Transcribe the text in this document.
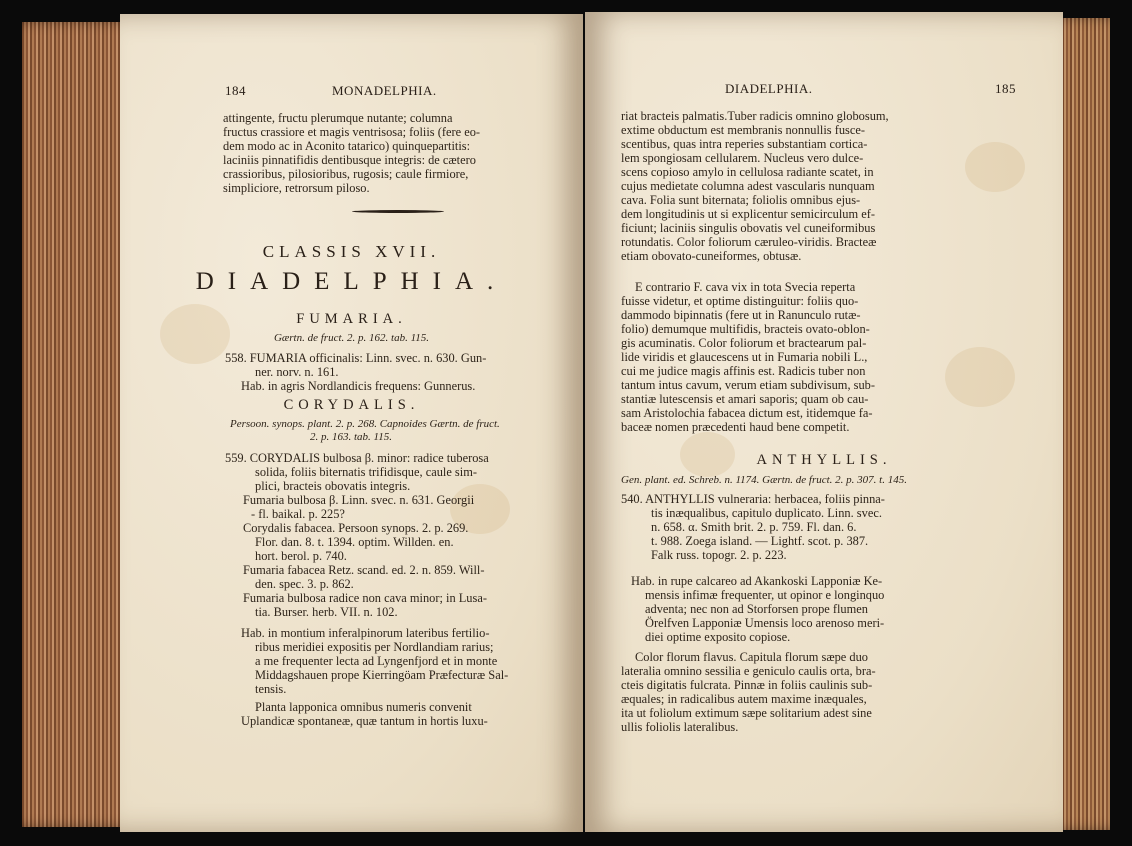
184	MONADELPHIA.
attingente, fructu plerumque nutante; columna
fructus crassiore et magis ventrisosa; foliis (fere eo-
dem modo ac in Aconito tatarico) quinquepartitis:
laciniis pinnatifidis dentibusque integris: de cætero
crassioribus, pilosioribus, rugosis; caule firmiore,
simpliciore, retrorsum piloso.
CLASSIS XVII.
DIADELPHIA.
FUMARIA.
Gærtn. de fruct. 2. p. 162. tab. 115.
558. FUMARIA officinalis: Linn. svec. n. 630. Gun-
ner. norv. n. 161.
Hab. in agris Nordlandicis frequens: Gunnerus.
CORYDALIS.
Persoon. synops. plant. 2. p. 268. Capnoides Gærtn. de fruct.
2. p. 163. tab. 115.
559. CORYDALIS bulbosa β. minor: radice tuberosa
solida, foliis biternatis trifidisque, caule sim-
plici, bracteis obovatis integris.
Fumaria bulbosa β. Linn. svec. n. 631. Georgii
- fl. baikal. p. 225?
Corydalis fabacea. Persoon synops. 2. p. 269.
Flor. dan. 8. t. 1394. optim. Willden. en.
hort. berol. p. 740.
Fumaria fabacea Retz. scand. ed. 2. n. 859. Will-
den. spec. 3. p. 862.
Fumaria bulbosa radice non cava minor; in Lusa-
tia. Burser. herb. VII. n. 102.
Hab. in montium inferalpinorum lateribus fertilio-
ribus meridiei expositis per Nordlandiam rarius;
a me frequenter lecta ad Lyngenfjord et in monte
Middagshauen prope Kierringöam Præfecturæ Sal-
tensis.
Planta lapponica omnibus numeris convenit
Uplandicæ spontaneæ, quæ tantum in hortis luxu-
DIADELPHIA.	185
riat bracteis palmatis.Tuber radicis omnino globosum,
extime obductum est membranis nonnullis fusce-
scentibus, quas intra reperies substantiam cortica-
lem spongiosam cellularem. Nucleus vero dulce-
scens copioso amylo in cellulosa radiante scatet, in
cujus medietate columna adest vascularis nunquam
cava. Folia sunt biternata; foliolis omnibus ejus-
dem longitudinis ut si explicentur semicirculum ef-
ficiunt; laciniis singulis obovatis vel cuneiformibus
rotundatis. Color foliorum cæruleo-viridis. Bracteæ
etiam obovato-cuneiformes, obtusæ.
E contrario F. cava vix in tota Svecia reperta
fuisse videtur, et optime distinguitur: foliis quo-
dammodo bipinnatis (fere ut in Ranunculo rutæ-
folio) demumque multifidis, bracteis ovato-oblon-
gis acuminatis. Color foliorum et bractearum pal-
lide viridis et glaucescens ut in Fumaria nobili L.,
cui me judice magis affinis est. Radicis tuber non
tantum intus cavum, verum etiam subdivisum, sub-
stantiæ lutescensis et amari saporis; quam ob cau-
sam Aristolochia fabacea dictum est, itidemque fa-
baceæ nomen præcedenti haud bene competit.
ANTHYLLIS.
Gen. plant. ed. Schreb. n. 1174. Gærtn. de fruct. 2. p. 307. t. 145.
540. ANTHYLLIS vulneraria: herbacea, foliis pinna-
tis inæqualibus, capitulo duplicato. Linn. svec.
n. 658. α. Smith brit. 2. p. 759. Fl. dan. 6.
t. 988. Zoega island. — Lightf. scot. p. 387.
Falk russ. topogr. 2. p. 223.
Hab. in rupe calcareo ad Akankoski Lapponiæ Ke-
mensis infimæ frequenter, ut opinor e longinquo
adventa; nec non ad Storforsen prope flumen
Örelfven Lapponiæ Umensis loco arenoso meri-
diei optime exposito copiose.
Color florum flavus. Capitula florum sæpe duo
lateralia omnino sessilia e geniculo caulis orta, bra-
cteis digitatis fulcrata. Pinnæ in foliis caulinis sub-
æquales; in radicalibus autem maxime inæquales,
ita ut foliolum extimum sæpe solitarium adest sine
ullis foliolis lateralibus.
